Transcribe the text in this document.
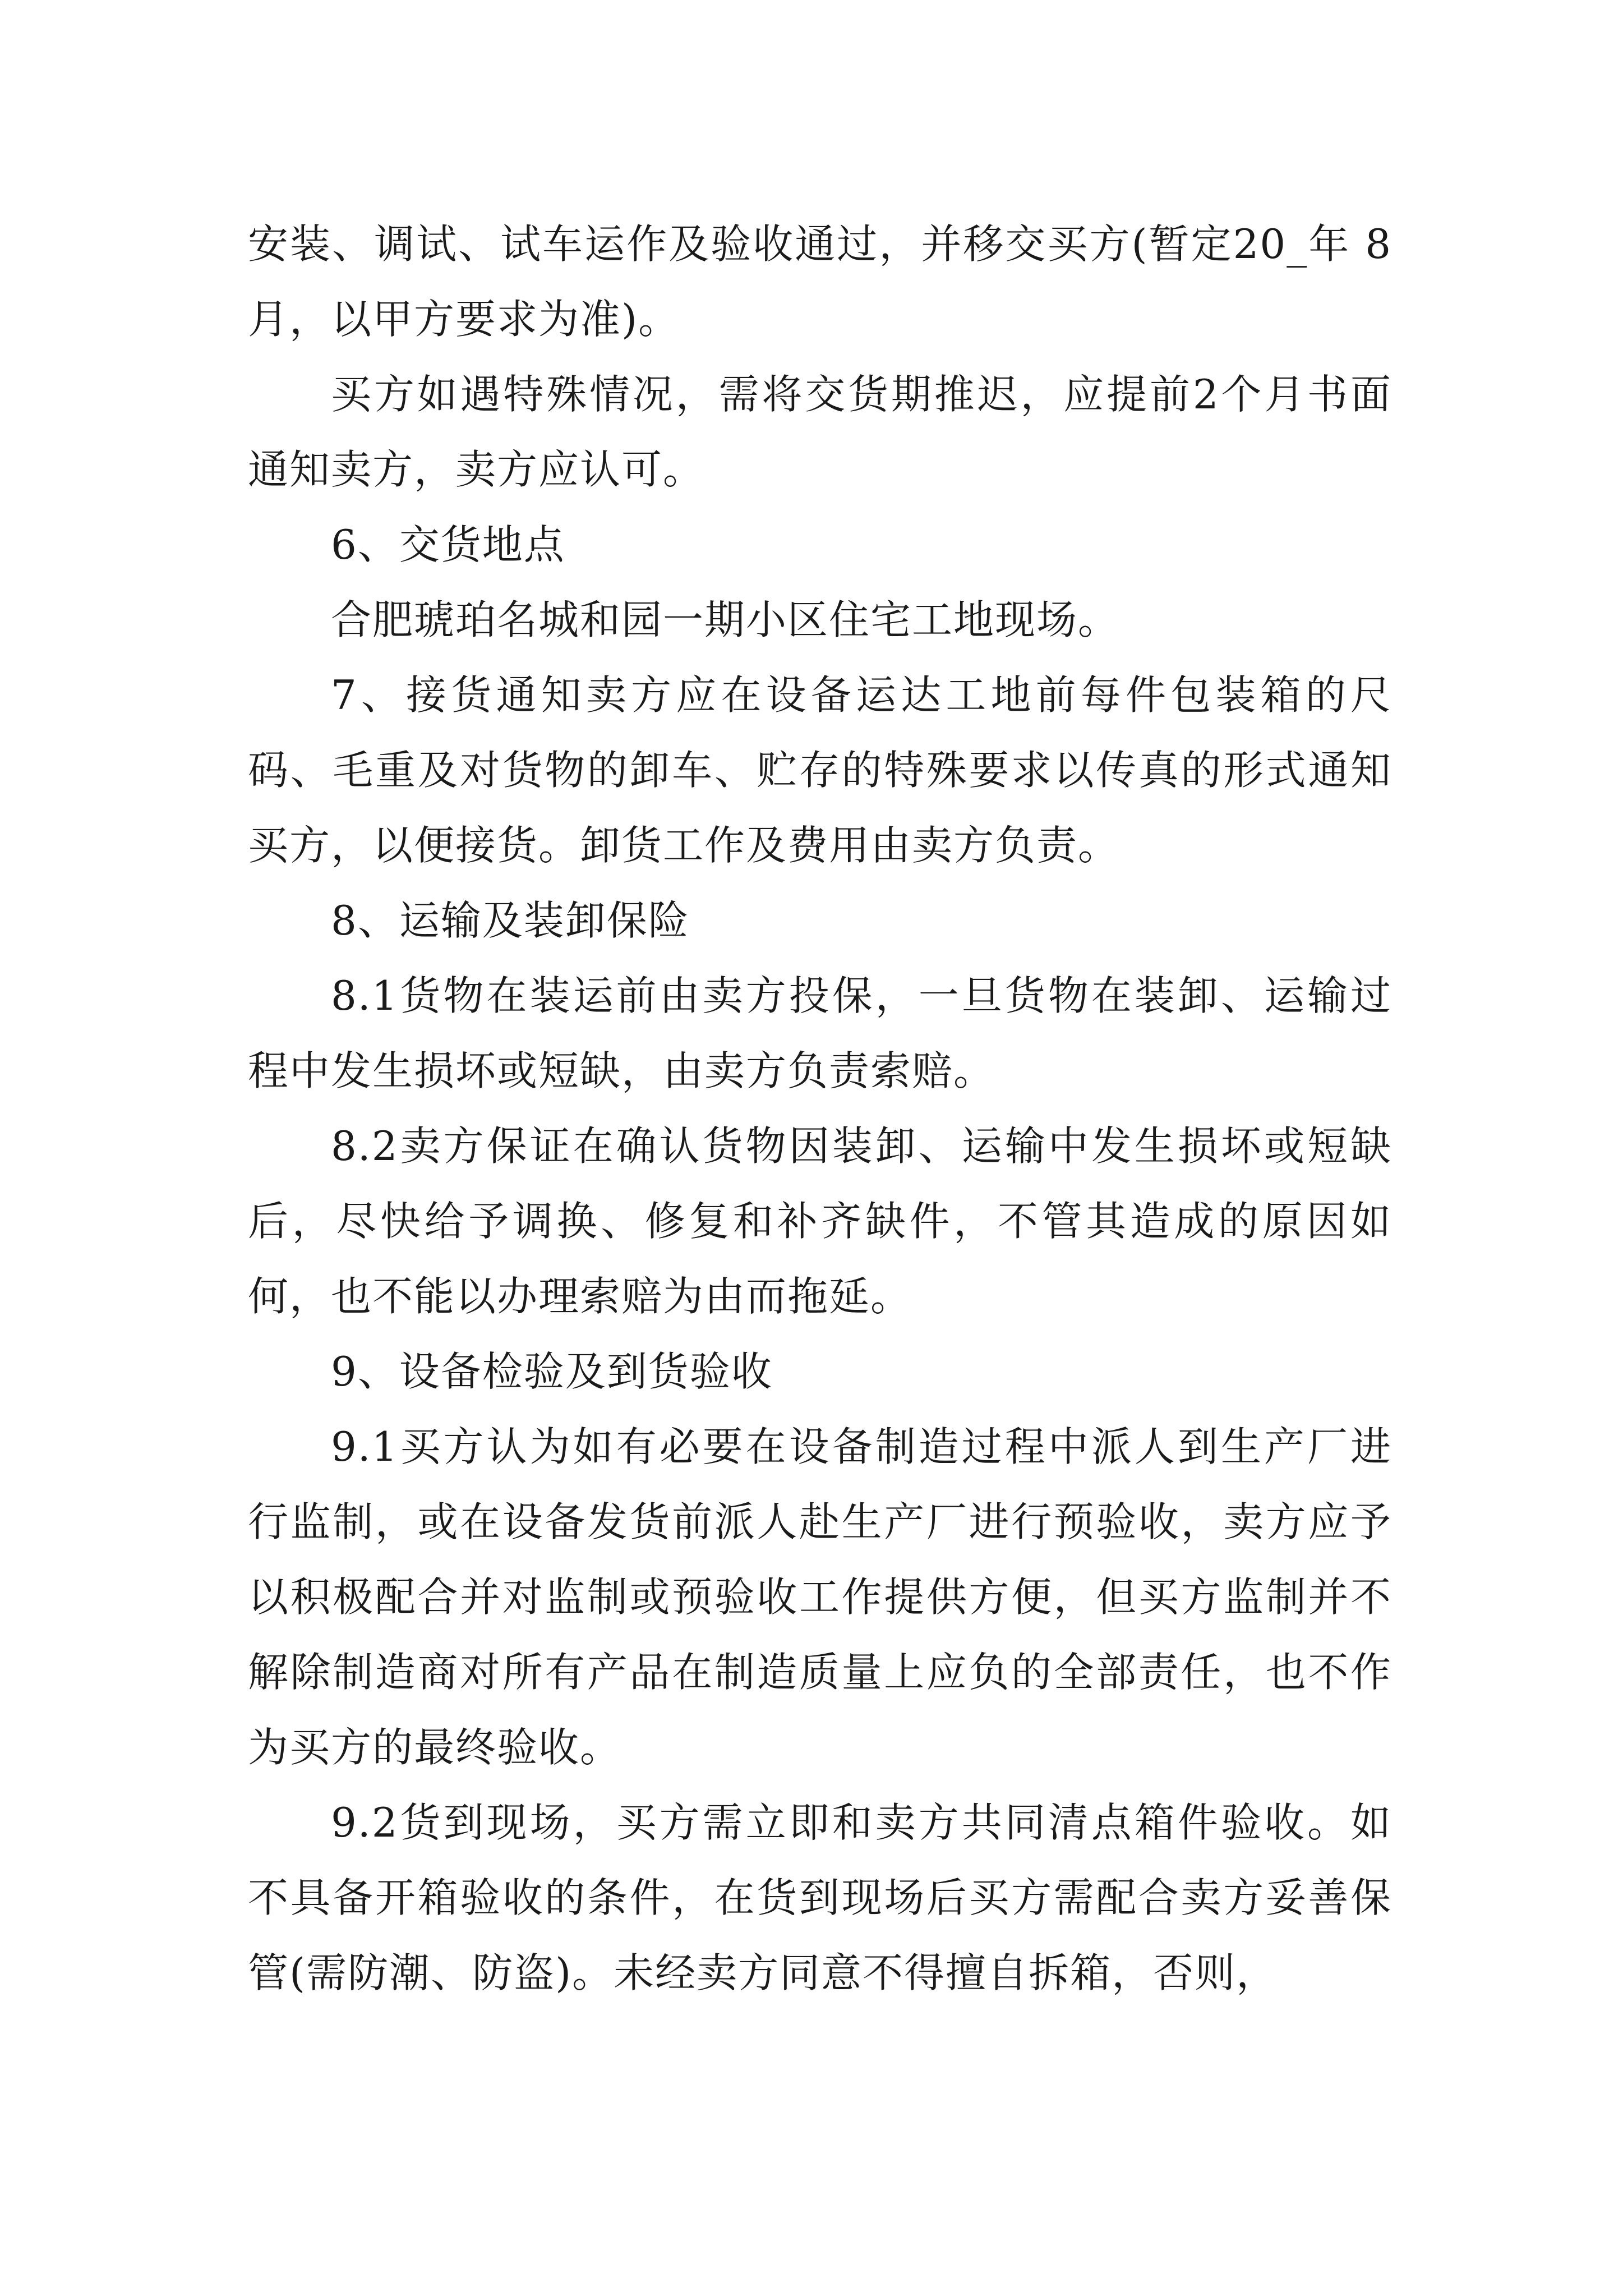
安装、调试、试车运作及验收通过，并移交买方(暂定20_年 8 月，以甲方要求为准)。

买方如遇特殊情况，需将交货期推迟，应提前2个月书面通知卖方，卖方应认可。

6、交货地点

合肥琥珀名城和园一期小区住宅工地现场。

7、接货通知卖方应在设备运达工地前每件包装箱的尺码、毛重及对货物的卸车、贮存的特殊要求以传真的形式通知买方，以便接货。卸货工作及费用由卖方负责。

8、运输及装卸保险

8.1货物在装运前由卖方投保，一旦货物在装卸、运输过程中发生损坏或短缺，由卖方负责索赔。

8.2卖方保证在确认货物因装卸、运输中发生损坏或短缺后，尽快给予调换、修复和补齐缺件，不管其造成的原因如何，也不能以办理索赔为由而拖延。

9、设备检验及到货验收

9.1买方认为如有必要在设备制造过程中派人到生产厂进行监制，或在设备发货前派人赴生产厂进行预验收，卖方应予以积极配合并对监制或预验收工作提供方便，但买方监制并不解除制造商对所有产品在制造质量上应负的全部责任，也不作为买方的最终验收。

9.2货到现场，买方需立即和卖方共同清点箱件验收。如不具备开箱验收的条件，在货到现场后买方需配合卖方妥善保管(需防潮、防盗)。未经卖方同意不得擅自拆箱，否则，
